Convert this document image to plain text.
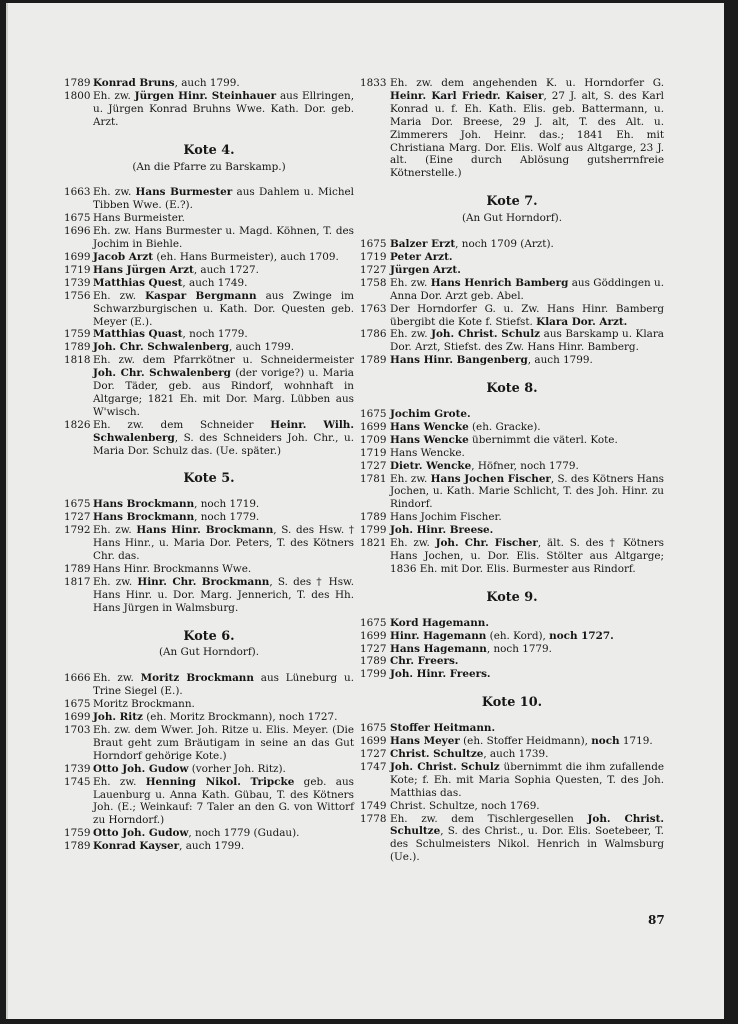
1789 Konrad Bruns, auch 1799.
1800 Eh. zw. Jürgen Hinr. Steinhauer aus Ellringen, u. Jürgen Konrad Bruhns Wwe. Kath. Dor. geb. Arzt.
Kote 4.
(An die Pfarre zu Barskamp.)
1663 Eh. zw. Hans Burmester aus Dahlem u. Michel Tibben Wwe. (E.?).
1675 Hans Burmeister.
1696 Eh. zw. Hans Burmester u. Magd. Köhnen, T. des Jochim in Biehle.
1699 Jacob Arzt (eh. Hans Burmeister), auch 1709.
1719 Hans Jürgen Arzt, auch 1727.
1739 Matthias Quest, auch 1749.
1756 Eh. zw. Kaspar Bergmann aus Zwinge im Schwarzburgischen u. Kath. Dor. Questen geb. Meyer (E.).
1759 Matthias Quast, noch 1779.
1789 Joh. Chr. Schwalenberg, auch 1799.
1818 Eh. zw. dem Pfarrkötner u. Schneidermeister Joh. Chr. Schwalenberg (der vorige?) u. Maria Dor. Täder, geb. aus Rindorf, wohnhaft in Altgarge; 1821 Eh. mit Dor. Marg. Lübben aus W'wisch.
1826 Eh. zw. dem Schneider Heinr. Wilh. Schwalenberg, S. des Schneiders Joh. Chr., u. Maria Dor. Schulz das. (Ue. später.)
Kote 5.
1675 Hans Brockmann, noch 1719.
1727 Hans Brockmann, noch 1779.
1792 Eh. zw. Hans Hinr. Brockmann, S. des Hsw. † Hans Hinr., u. Maria Dor. Peters, T. des Kötners Chr. das.
1789 Hans Hinr. Brockmanns Wwe.
1817 Eh. zw. Hinr. Chr. Brockmann, S. des † Hsw. Hans Hinr. u. Dor. Marg. Jennerich, T. des Hh. Hans Jürgen in Walmsburg.
Kote 6.
(An Gut Horndorf).
1666 Eh. zw. Moritz Brockmann aus Lüneburg u. Trine Siegel (E.).
1675 Moritz Brockmann.
1699 Joh. Ritz (eh. Moritz Brockmann), noch 1727.
1703 Eh. zw. dem Wwer. Joh. Ritze u. Elis. Meyer. (Die Braut geht zum Bräutigam in seine an das Gut Horndorf gehörige Kote.)
1739 Otto Joh. Gudow (vorher Joh. Ritz).
1745 Eh. zw. Henning Nikol. Tripcke geb. aus Lauenburg u. Anna Kath. Gübau, T. des Kötners Joh. (E.; Weinkauf: 7 Taler an den G. von Wittorf zu Horndorf.)
1759 Otto Joh. Gudow, noch 1779 (Gudau).
1789 Konrad Kayser, auch 1799.
1833 Eh. zw. dem angehenden K. u. Horndorfer G. Heinr. Karl Friedr. Kaiser, 27 J. alt, S. des Karl Konrad u. f. Eh. Kath. Elis. geb. Battermann, u. Maria Dor. Breese, 29 J. alt, T. des Alt. u. Zimmerers Joh. Heinr. das.; 1841 Eh. mit Christiana Marg. Dor. Elis. Wolf aus Altgarge, 23 J. alt. (Eine durch Ablösung gutsherrnfreie Kötnerstelle.)
Kote 7.
(An Gut Horndorf).
1675 Balzer Erzt, noch 1709 (Arzt).
1719 Peter Arzt.
1727 Jürgen Arzt.
1758 Eh. zw. Hans Henrich Bamberg aus Göddingen u. Anna Dor. Arzt geb. Abel.
1763 Der Horndorfer G. u. Zw. Hans Hinr. Bamberg übergibt die Kote f. Stiefst. Klara Dor. Arzt.
1786 Eh. zw. Joh. Christ. Schulz aus Barskamp u. Klara Dor. Arzt, Stiefst. des Zw. Hans Hinr. Bamberg.
1789 Hans Hinr. Bangenberg, auch 1799.
Kote 8.
1675 Jochim Grote.
1699 Hans Wencke (eh. Gracke).
1709 Hans Wencke übernimmt die väterl. Kote.
1719 Hans Wencke.
1727 Dietr. Wencke, Höfner, noch 1779.
1781 Eh. zw. Hans Jochen Fischer, S. des Kötners Hans Jochen, u. Kath. Marie Schlicht, T. des Joh. Hinr. zu Rindorf.
1789 Hans Jochim Fischer.
1799 Joh. Hinr. Breese.
1821 Eh. zw. Joh. Chr. Fischer, ält. S. des † Kötners Hans Jochen, u. Dor. Elis. Stölter aus Altgarge; 1836 Eh. mit Dor. Elis. Burmester aus Rindorf.
Kote 9.
1675 Kord Hagemann.
1699 Hinr. Hagemann (eh. Kord), noch 1727.
1727 Hans Hagemann, noch 1779.
1789 Chr. Freers.
1799 Joh. Hinr. Freers.
Kote 10.
1675 Stoffer Heitmann.
1699 Hans Meyer (eh. Stoffer Heidmann), noch 1719.
1727 Christ. Schultze, auch 1739.
1747 Joh. Christ. Schulz übernimmt die ihm zufallende Kote; f. Eh. mit Maria Sophia Questen, T. des Joh. Matthias das.
1749 Christ. Schultze, noch 1769.
1778 Eh. zw. dem Tischlergesellen Joh. Christ. Schultze, S. des Christ., u. Dor. Elis. Soetebeer, T. des Schulmeisters Nikol. Henrich in Walmsburg (Ue.).
87
